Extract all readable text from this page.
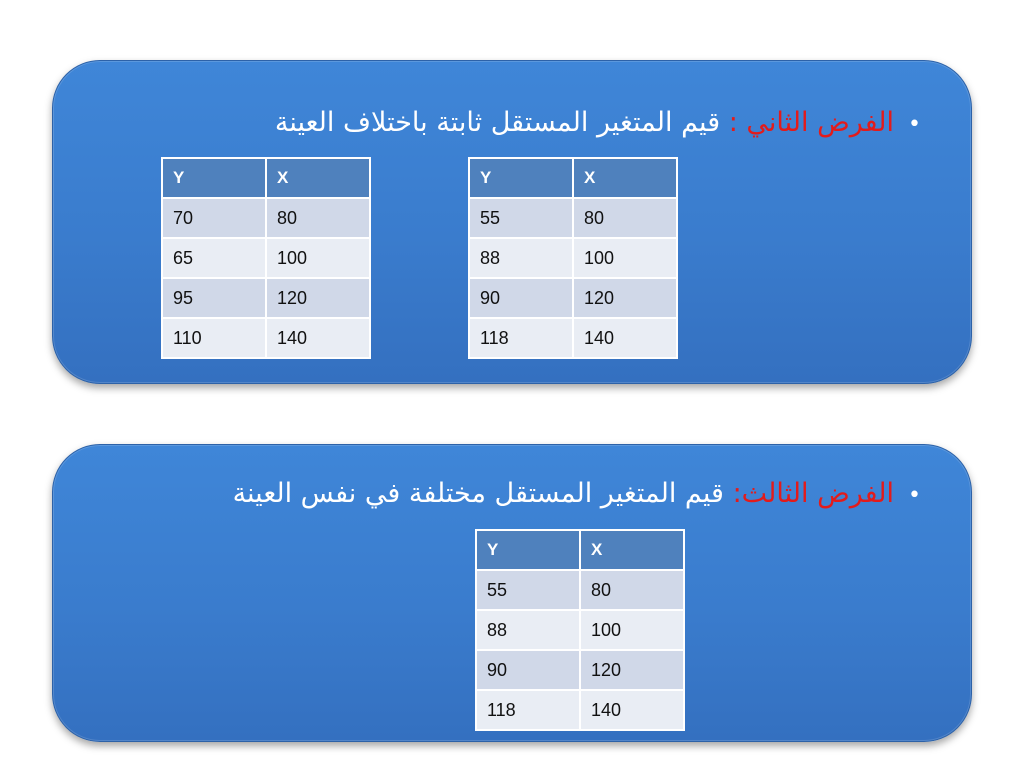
•الفرض الثاني : قيم المتغير المستقل ثابتة باختلاف العينة
Y	X
70	80
65	100
95	120
110	140
Y	X
55	80
88	100
90	120
118	140
•الفرض الثالث: قيم المتغير المستقل مختلفة في نفس العينة
Y	X
55	80
88	100
90	120
118	140
